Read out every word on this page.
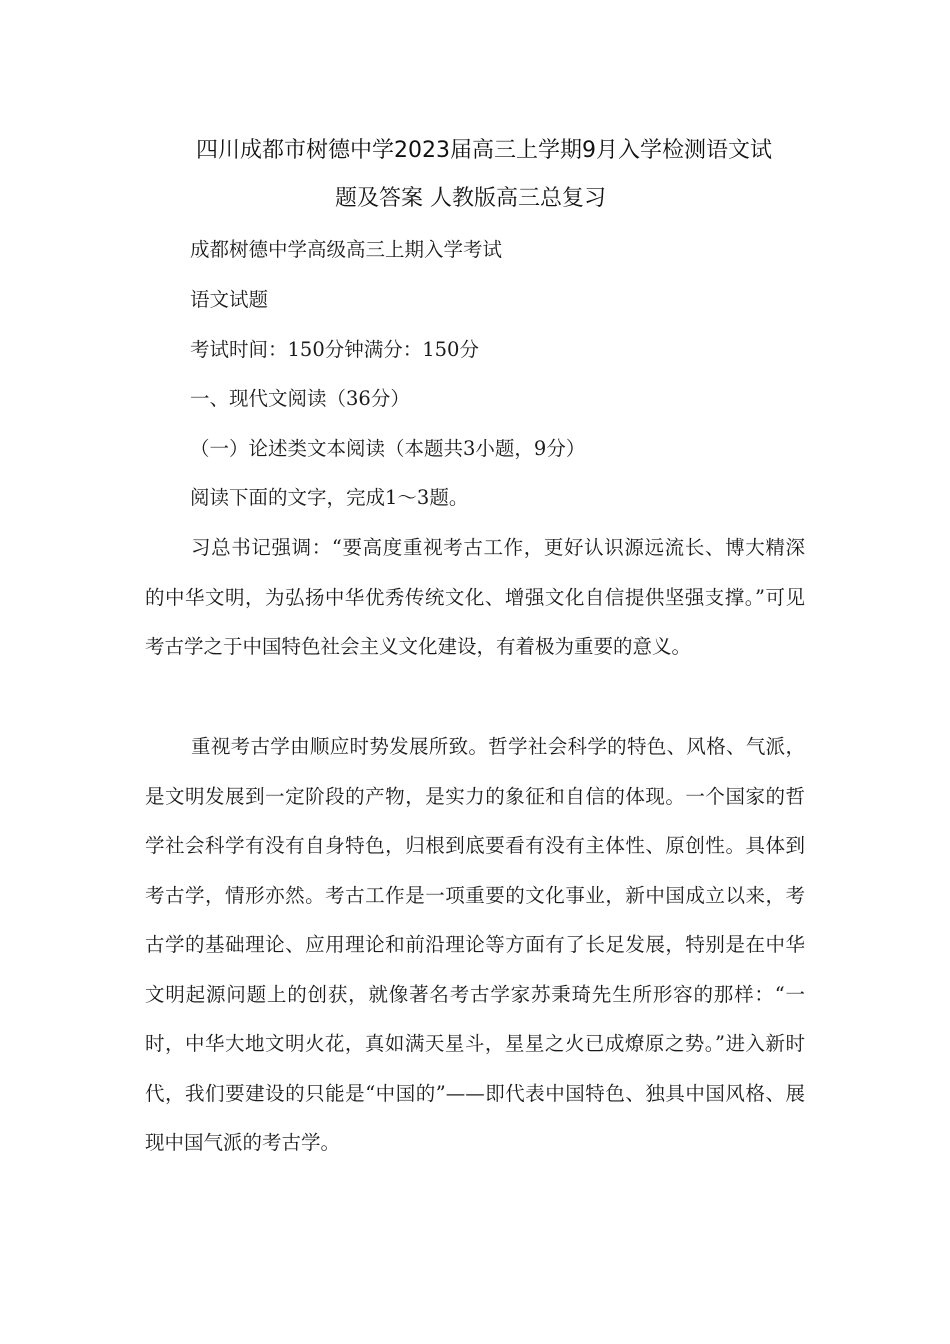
四川成都市树德中学2023届高三上学期9月入学检测语文试
题及答案 人教版高三总复习
成都树德中学高级高三上期入学考试
语文试题
考试时间：150分钟满分：150分
一、现代文阅读（36分）
（一）论述类文本阅读（本题共3小题，9分）
阅读下面的文字，完成1～3题。

习总书记强调：“要高度重视考古工作，更好认识源远流长、博大精深的中华文明，为弘扬中华优秀传统文化、增强文化自信提供坚强支撑。”可见考古学之于中国特色社会主义文化建设，有着极为重要的意义。

重视考古学由顺应时势发展所致。哲学社会科学的特色、风格、气派，是文明发展到一定阶段的产物，是实力的象征和自信的体现。一个国家的哲学社会科学有没有自身特色，归根到底要看有没有主体性、原创性。具体到考古学，情形亦然。考古工作是一项重要的文化事业，新中国成立以来，考古学的基础理论、应用理论和前沿理论等方面有了长足发展，特别是在中华文明起源问题上的创获，就像著名考古学家苏秉琦先生所形容的那样：“一时，中华大地文明火花，真如满天星斗，星星之火已成燎原之势。”进入新时代，我们要建设的只能是“中国的”——即代表中国特色、独具中国风格、展现中国气派的考古学。
